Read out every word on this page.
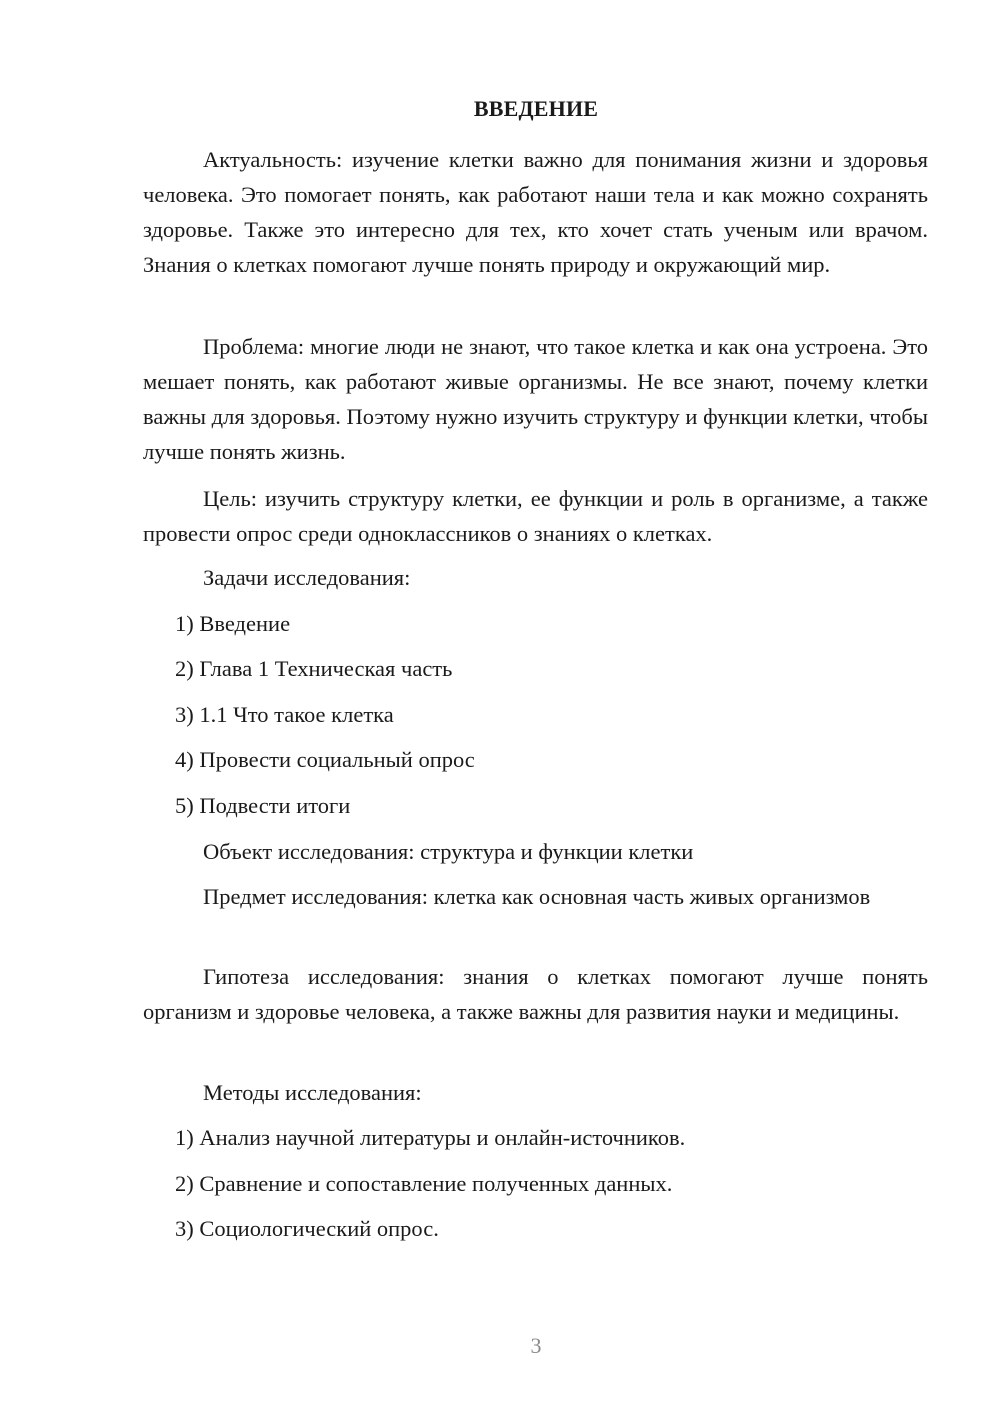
ВВЕДЕНИЕ

Актуальность: изучение клетки важно для понимания жизни и здоровья человека. Это помогает понять, как работают наши тела и как можно сохранять здоровье. Также это интересно для тех, кто хочет стать ученым или врачом. Знания о клетках помогают лучше понять природу и окружающий мир.

Проблема: многие люди не знают, что такое клетка и как она устроена. Это мешает понять, как работают живые организмы. Не все знают, почему клетки важны для здоровья. Поэтому нужно изучить структуру и функции клетки, чтобы лучше понять жизнь.

Цель: изучить структуру клетки, ее функции и роль в организме, а также провести опрос среди одноклассников о знаниях о клетках.

Задачи исследования:
1) Введение
2) Глава 1 Техническая часть
3) 1.1 Что такое клетка
4) Провести социальный опрос
5) Подвести итоги
Объект исследования: структура и функции клетки

Предмет исследования: клетка как основная часть живых организмов

Гипотеза исследования: знания о клетках помогают лучше понять организм и здоровье человека, а также важны для развития науки и медицины.

Методы исследования:
1) Анализ научной литературы и онлайн-источников.
2) Сравнение и сопоставление полученных данных.
3) Социологический опрос.
3
